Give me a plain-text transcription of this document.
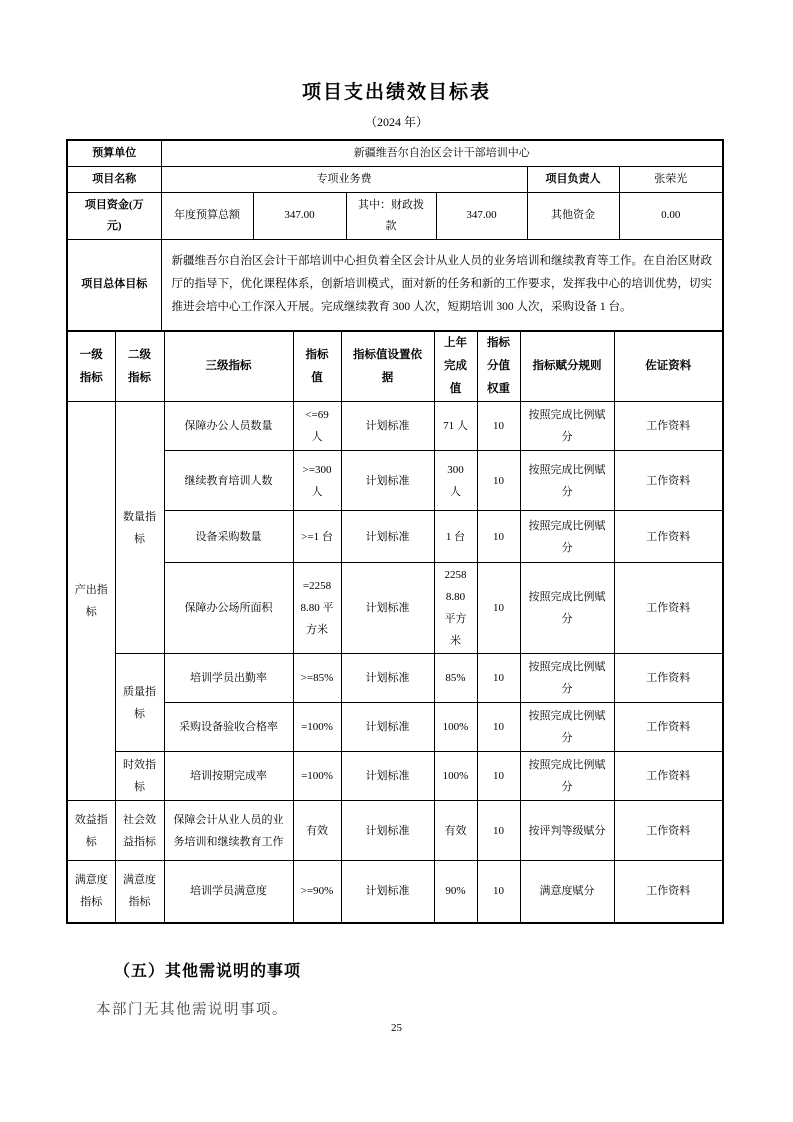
项目支出绩效目标表
（2024 年）
预算单位	新疆维吾尔自治区会计干部培训中心					
项目名称	专项业务费				项目负责人	张荣光
项目资金(万元)	年度预算总额	347.00	其中：财政拨款	347.00	其他资金	0.00
项目总体目标	新疆维吾尔自治区会计干部培训中心担负着全区会计从业人员的业务培训和继续教育等工作。在自治区财政厅的指导下，优化课程体系，创新培训模式，面对新的任务和新的工作要求，发挥我中心的培训优势，切实推进会培中心工作深入开展。完成继续教育 300 人次，短期培训 300 人次，采购设备 1 台。					
一级指标	二级指标	三级指标	指标值	指标值设置依据	上年完成值	指标分值权重	指标赋分规则	佐证资料
产出指标	数量指标	保障办公人员数量	<=69 人	计划标准	71 人	10	按照完成比例赋分	工作资料
		继续教育培训人数	>=300 人	计划标准	300 人	10	按照完成比例赋分	工作资料
		设备采购数量	>=1 台	计划标准	1 台	10	按照完成比例赋分	工作资料
		保障办公场所面积	=22588.80 平方米	计划标准	22588.80 平方米	10	按照完成比例赋分	工作资料
	质量指标	培训学员出勤率	>=85%	计划标准	85%	10	按照完成比例赋分	工作资料
		采购设备验收合格率	=100%	计划标准	100%	10	按照完成比例赋分	工作资料
	时效指标	培训按期完成率	=100%	计划标准	100%	10	按照完成比例赋分	工作资料
效益指标	社会效益指标	保障会计从业人员的业务培训和继续教育工作	有效	计划标准	有效	10	按评判等级赋分	工作资料
满意度指标	满意度指标	培训学员满意度	>=90%	计划标准	90%	10	满意度赋分	工作资料
（五）其他需说明的事项
本部门无其他需说明事项。
25
